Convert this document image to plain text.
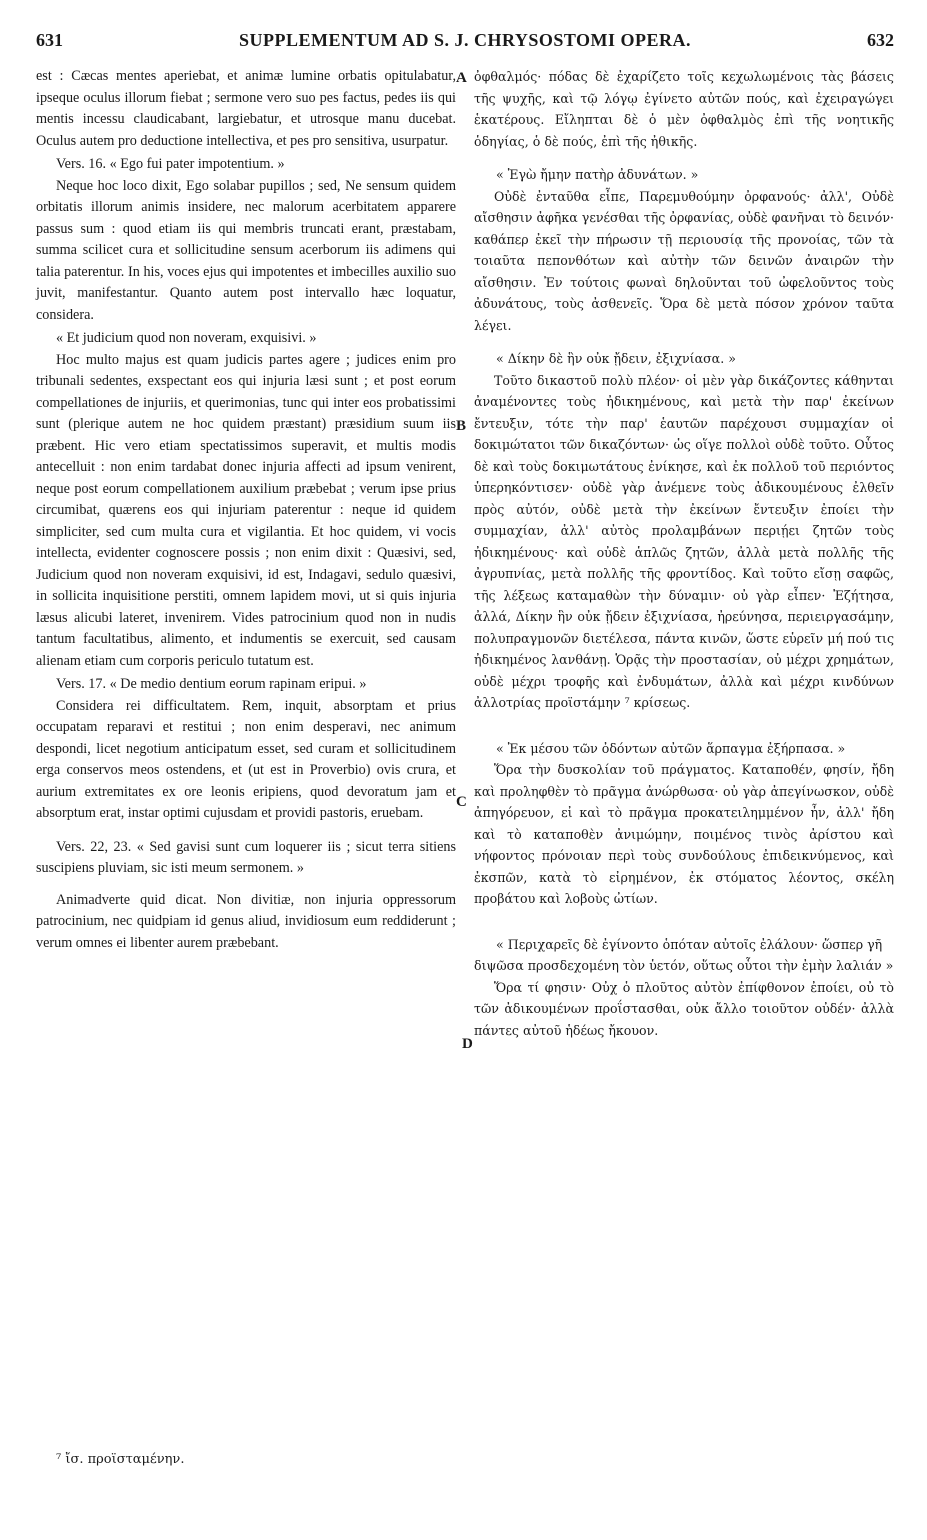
631	SUPPLEMENTUM AD S. J. CHRYSOSTOMI OPERA.	632

est : Cæcas mentes aperiebat, et animæ lumine orbatis opitulabatur, ipseque oculus illorum fiebat ; sermone vero suo pes factus, pedes iis qui mentis incessu claudicabant, largiebatur, et utrosque manu ducebat. Oculus autem pro deductione intellectiva, et pes pro sensitiva, usurpatur.

Vers. 16. « Ego fui pater impotentium. »

Neque hoc loco dixit, Ego solabar pupillos ; sed, Ne sensum quidem orbitatis illorum animis insidere, nec malorum acerbitatem apparere passus sum : quod etiam iis qui membris truncati erant, præstabam, summa scilicet cura et sollicitudine sensum acerborum iis adimens qui talia paterentur. In his, voces ejus qui impotentes et imbecilles auxilio suo juvit, manifestantur. Quanto autem post intervallo hæc loquatur, considera.

« Et judicium quod non noveram, exquisivi. »

Hoc multo majus est quam judicis partes agere ; judices enim pro tribunali sedentes, exspectant eos qui injuria læsi sunt ; et post eorum compellationes de injuriis, et querimonias, tunc qui inter eos probatissimi sunt (plerique autem ne hoc quidem præstant) præsidium suum iis præbent. Hic vero etiam spectatissimos superavit, et multis modis antecelluit : non enim tardabat donec injuria affecti ad ipsum venirent, neque post eorum compellationem auxilium præbebat ; verum ipse prius circumibat, quærens eos qui injuriam paterentur : neque id quidem simpliciter, sed cum multa cura et vigilantia. Et hoc quidem, vi vocis intellecta, evidenter cognoscere possis ; non enim dixit : Quæsivi, sed, Judicium quod non noveram exquisivi, id est, Indagavi, sedulo quæsivi, in sollicita inquisitione perstiti, omnem lapidem movi, ut si quis injuria læsus alicubi lateret, invenirem. Vides patrocinium quod non in nudis tantum facultatibus, alimento, et indumentis se exercuit, sed causam alienam etiam cum corporis periculo tutatum est.

Vers. 17. « De medio dentium eorum rapinam eripui. »

Considera rei difficultatem. Rem, inquit, absorptam et prius occupatam reparavi et restitui ; non enim desperavi, nec animum despondi, licet negotium anticipatum esset, sed curam et sollicitudinem erga conservos meos ostendens, et (ut est in Proverbio) ovis crura, et aurium extremitates ex ore leonis eripiens, quod devoratum jam et absorptum erat, instar optimi cujusdam et providi pastoris, eruebam.

Vers. 22, 23. « Sed gavisi sunt cum loquerer iis ; sicut terra sitiens suscipiens pluviam, sic isti meum sermonem. »

Animadverte quid dicat. Non divitiæ, non injuria oppressorum patrocinium, nec quidpiam id genus aliud, invidiosum eum reddiderunt ; verum omnes ei libenter aurem præbebant.

ὀφθαλμός· πόδας δὲ ἐχαρίζετο τοῖς κεχωλωμένοις τὰς βάσεις τῆς ψυχῆς, καὶ τῷ λόγῳ ἐγίνετο αὐτῶν πούς, καὶ ἐχειραγώγει ἑκατέρους. Εἴληπται δὲ ὁ μὲν ὀφθαλμὸς ἐπὶ τῆς νοητικῆς ὁδηγίας, ὁ δὲ πούς, ἐπὶ τῆς ἠθικῆς.

« Ἐγὼ ἤμην πατὴρ ἀδυνάτων. »

Οὐδὲ ἐνταῦθα εἶπε, Παρεμυθούμην ὀρφανούς· ἀλλ', Οὐδὲ αἴσθησιν ἀφῆκα γενέσθαι τῆς ὀρφανίας, οὐδὲ φανῆναι τὸ δεινόν· καθάπερ ἐκεῖ τὴν πήρωσιν τῇ περιουσίᾳ τῆς προνοίας, τῶν τὰ τοιαῦτα πεπονθότων καὶ αὐτὴν τῶν δεινῶν ἀναιρῶν τὴν αἴσθησιν. Ἐν τούτοις φωναὶ δηλοῦνται τοῦ ὠφελοῦντος τοὺς ἀδυνάτους, τοὺς ἀσθενεῖς. Ὅρα δὲ μετὰ πόσον χρόνον ταῦτα λέγει.

« Δίκην δὲ ἣν οὐκ ᾔδειν, ἐξιχνίασα. »

Τοῦτο δικαστοῦ πολὺ πλέον· οἱ μὲν γὰρ δικάζοντες κάθηνται ἀναμένοντες τοὺς ἠδικημένους, καὶ μετὰ τὴν παρ' ἐκείνων ἔντευξιν, τότε τὴν παρ' ἑαυτῶν παρέχουσι συμμαχίαν οἱ δοκιμώτατοι τῶν δικαζόντων· ὡς οἵγε πολλοὶ οὐδὲ τοῦτο. Οὗτος δὲ καὶ τοὺς δοκιμωτάτους ἐνίκησε, καὶ ἐκ πολλοῦ τοῦ περιόντος ὑπερηκόντισεν· οὐδὲ γὰρ ἀνέμενε τοὺς ἀδικουμένους ἐλθεῖν πρὸς αὐτόν, οὐδὲ μετὰ τὴν ἐκείνων ἔντευξιν ἐποίει τὴν συμμαχίαν, ἀλλ' αὐτὸς προλαμβάνων περιῄει ζητῶν τοὺς ἠδικημένους· καὶ οὐδὲ ἁπλῶς ζητῶν, ἀλλὰ μετὰ πολλῆς τῆς ἀγρυπνίας, μετὰ πολλῆς τῆς φροντίδος. Καὶ τοῦτο εἴσῃ σαφῶς, τῆς λέξεως καταμαθὼν τὴν δύναμιν· οὐ γὰρ εἶπεν· Ἐζήτησα, ἀλλά, Δίκην ἣν οὐκ ᾔδειν ἐξιχνίασα, ἠρεύνησα, περιειργασάμην, πολυπραγμονῶν διετέλεσα, πάντα κινῶν, ὥστε εὑρεῖν μή πού τις ἠδικημένος λανθάνῃ. Ὁρᾷς τὴν προστασίαν, οὐ μέχρι χρημάτων, οὐδὲ μέχρι τροφῆς καὶ ἐνδυμάτων, ἀλλὰ καὶ μέχρι κινδύνων ἀλλοτρίας προϊστάμην ⁷ κρίσεως.

« Ἐκ μέσου τῶν ὀδόντων αὐτῶν ἅρπαγμα ἐξήρπασα. »

Ὅρα τὴν δυσκολίαν τοῦ πράγματος. Καταποθέν, φησίν, ἤδη καὶ προληφθὲν τὸ πρᾶγμα ἀνώρθωσα· οὐ γὰρ ἀπεγίνωσκον, οὐδὲ ἀπηγόρευον, εἰ καὶ τὸ πρᾶγμα προκατειλημμένον ἦν, ἀλλ' ἤδη καὶ τὸ καταποθὲν ἀνιμώμην, ποιμένος τινὸς ἀρίστου καὶ νήφοντος πρόνοιαν περὶ τοὺς συνδούλους ἐπιδεικνύμενος, καὶ ἐκσπῶν, κατὰ τὸ εἰρημένον, ἐκ στόματος λέοντος, σκέλη προβάτου καὶ λοβοὺς ὠτίων.

« Περιχαρεῖς δὲ ἐγίνοντο ὁπόταν αὐτοῖς ἐλάλουν· ὥσπερ γῆ διψῶσα προσδεχομένη τὸν ὑετόν, οὕτως οὗτοι τὴν ἐμὴν λαλιάν »

Ὅρα τί φησιν· Οὐχ ὁ πλοῦτος αὐτὸν ἐπίφθονον ἐποίει, οὐ τὸ τῶν ἀδικουμένων προΐστασθαι, οὐκ ἄλλο τοιοῦτον οὐδέν· ἀλλὰ πάντες αὐτοῦ ἡδέως ἤκουον.

A
B
C
D
⁷ ἴσ. προϊσταμένην.
